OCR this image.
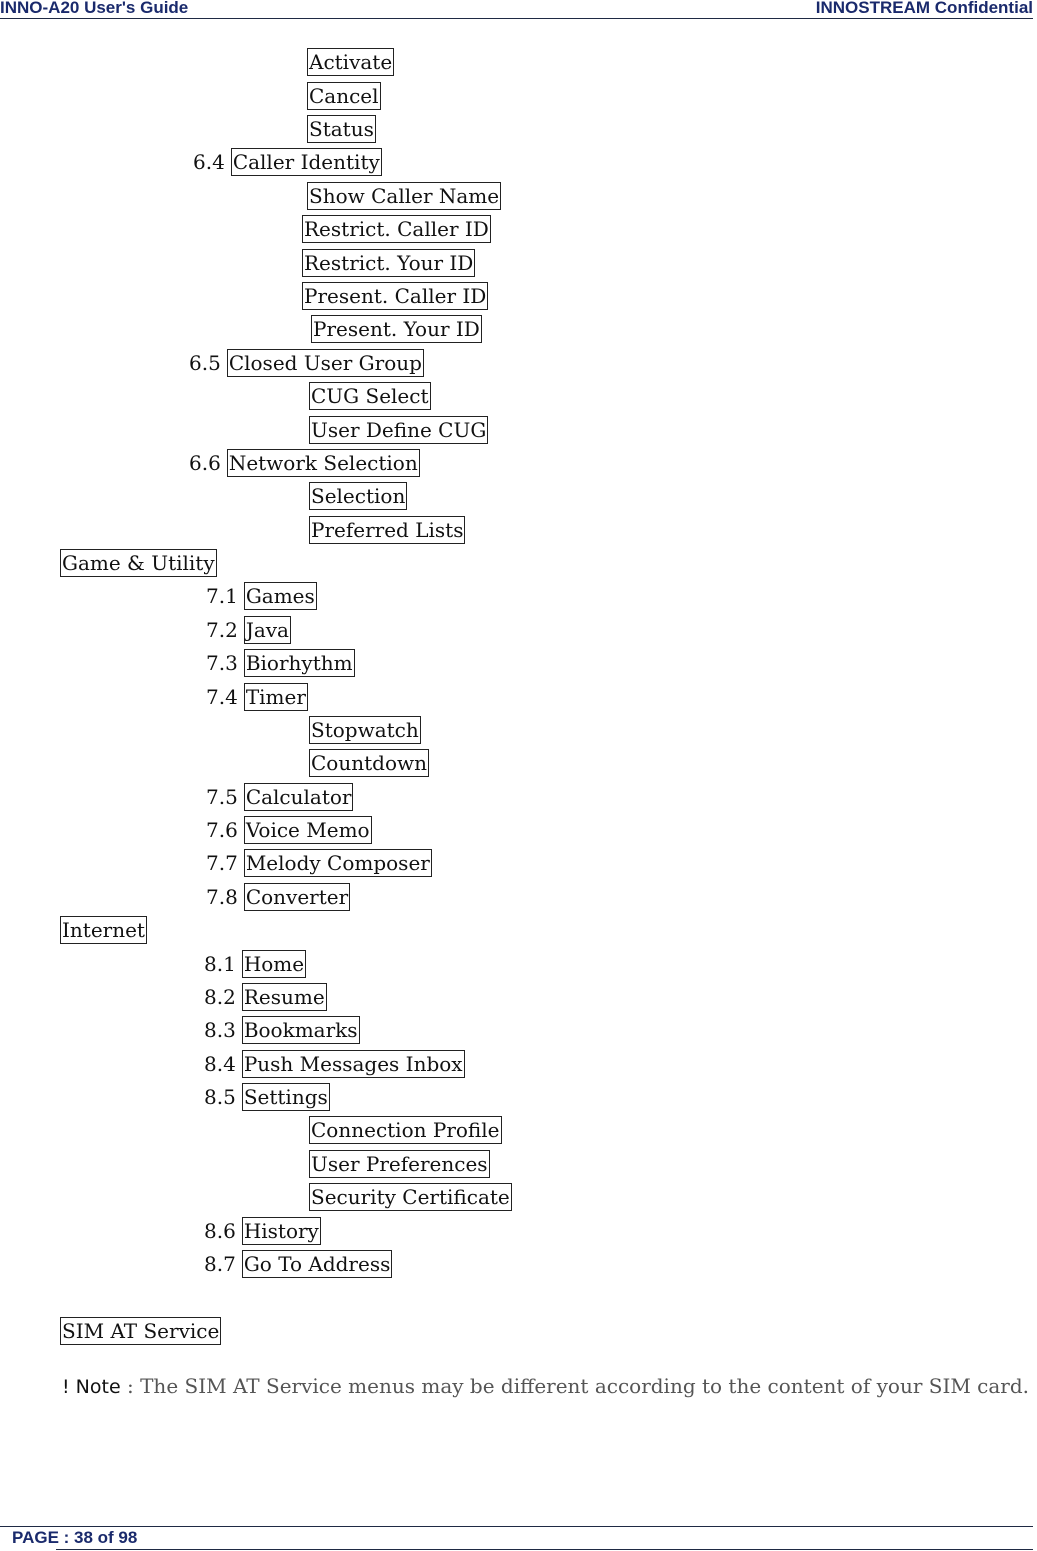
INNO-A20 User's Guide	INNOSTREAM Confidential
Activate
Cancel
Status
6.4 Caller Identity
Show Caller Name
Restrict. Caller ID
Restrict. Your ID
Present. Caller ID
Present. Your ID
6.5 Closed User Group
CUG Select
User Define CUG
6.6 Network Selection
Selection
Preferred Lists
Game & Utility
7.1 Games
7.2 Java
7.3 Biorhythm
7.4 Timer
Stopwatch
Countdown
7.5 Calculator
7.6 Voice Memo
7.7 Melody Composer
7.8 Converter
Internet
8.1 Home
8.2 Resume
8.3 Bookmarks
8.4 Push Messages Inbox
8.5 Settings
Connection Profile
User Preferences
Security Certificate
8.6 History
8.7 Go To Address
SIM AT Service
! Note : The SIM AT Service menus may be different according to the content of your SIM card.
PAGE : 38 of 98
